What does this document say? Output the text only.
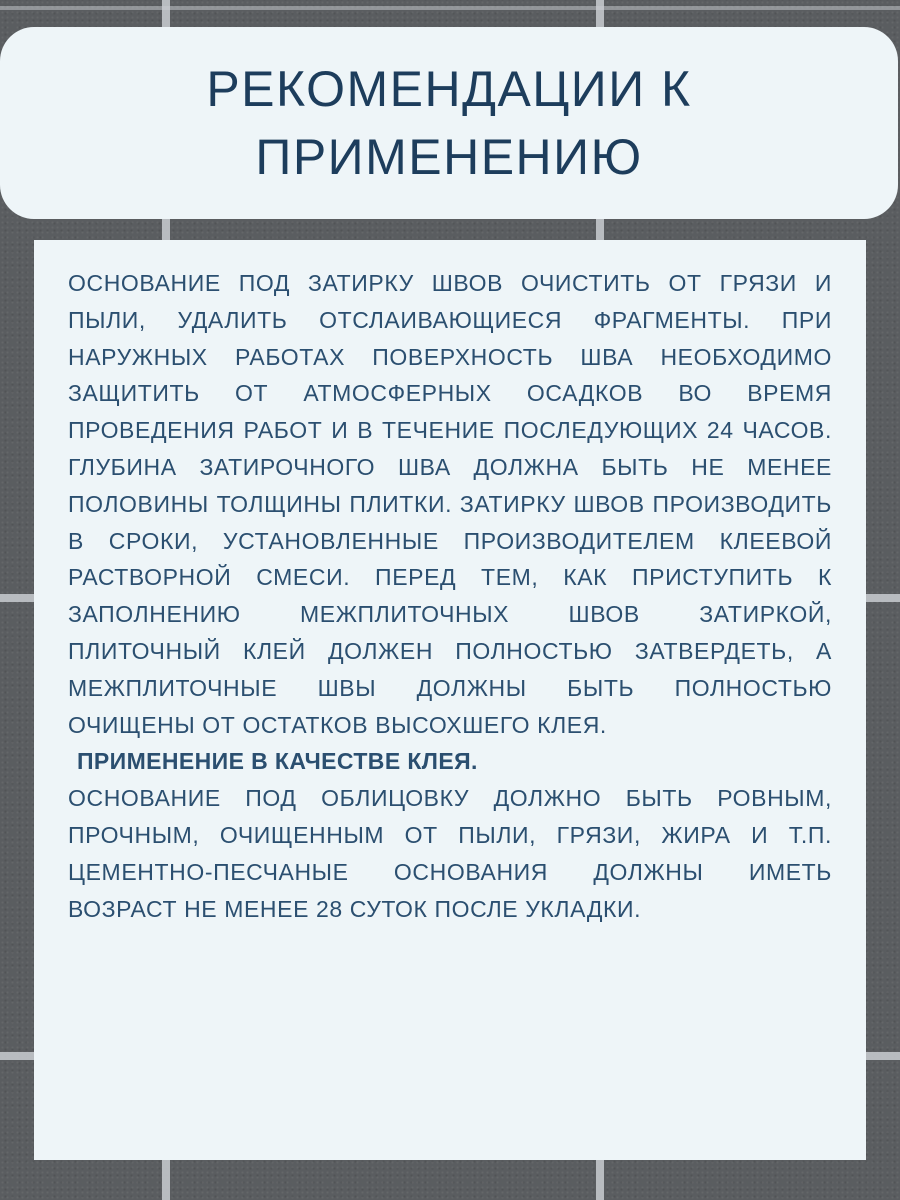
РЕКОМЕНДАЦИИ К
ПРИМЕНЕНИЮ

ОСНОВАНИЕ ПОД ЗАТИРКУ ШВОВ ОЧИСТИТЬ ОТ ГРЯЗИ И ПЫЛИ, УДАЛИТЬ ОТСЛАИВАЮЩИЕСЯ ФРАГМЕНТЫ. ПРИ НАРУЖНЫХ РАБОТАХ ПОВЕРХНОСТЬ ШВА НЕОБХОДИМО ЗАЩИТИТЬ ОТ АТМОСФЕРНЫХ ОСАДКОВ ВО ВРЕМЯ ПРОВЕДЕНИЯ РАБОТ И В ТЕЧЕНИЕ ПОСЛЕДУЮЩИХ 24 ЧАСОВ. ГЛУБИНА ЗАТИРОЧНОГО ШВА ДОЛЖНА БЫТЬ НЕ МЕНЕЕ ПОЛОВИНЫ ТОЛЩИНЫ ПЛИТКИ. ЗАТИРКУ ШВОВ ПРОИЗВОДИТЬ В СРОКИ, УСТАНОВЛЕННЫЕ ПРОИЗВОДИТЕЛЕМ КЛЕЕВОЙ РАСТВОРНОЙ СМЕСИ. ПЕРЕД ТЕМ, КАК ПРИСТУПИТЬ К ЗАПОЛНЕНИЮ МЕЖПЛИТОЧНЫХ ШВОВ ЗАТИРКОЙ, ПЛИТОЧНЫЙ КЛЕЙ ДОЛЖЕН ПОЛНОСТЬЮ ЗАТВЕРДЕТЬ, А МЕЖПЛИТОЧНЫЕ ШВЫ ДОЛЖНЫ БЫТЬ ПОЛНОСТЬЮ ОЧИЩЕНЫ ОТ ОСТАТКОВ ВЫСОХШЕГО КЛЕЯ.

ПРИМЕНЕНИЕ В КАЧЕСТВЕ КЛЕЯ.

ОСНОВАНИЕ ПОД ОБЛИЦОВКУ ДОЛЖНО БЫТЬ РОВНЫМ, ПРОЧНЫМ, ОЧИЩЕННЫМ ОТ ПЫЛИ, ГРЯЗИ, ЖИРА И Т.П. ЦЕМЕНТНО-ПЕСЧАНЫЕ ОСНОВАНИЯ ДОЛЖНЫ ИМЕТЬ ВОЗРАСТ НЕ МЕНЕЕ 28 СУТОК ПОСЛЕ УКЛАДКИ.
